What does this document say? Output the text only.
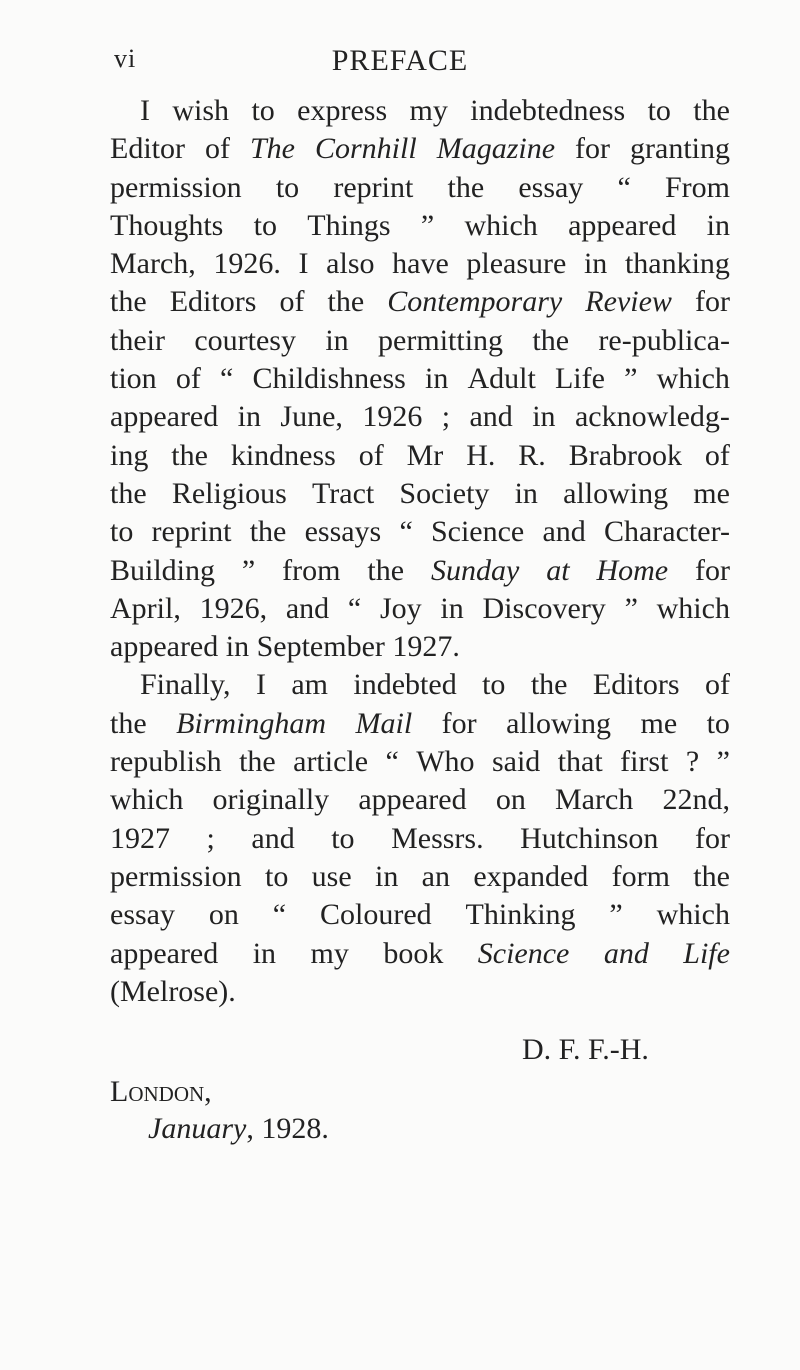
vi	PREFACE
I wish to express my indebtedness to the
Editor of The Cornhill Magazine for granting
permission to reprint the essay “ From
Thoughts to Things ” which appeared in
March, 1926. I also have pleasure in thanking
the Editors of the Contemporary Review for
their courtesy in permitting the re-publica-
tion of “ Childishness in Adult Life ” which
appeared in June, 1926 ; and in acknowledg-
ing the kindness of Mr H. R. Brabrook of
the Religious Tract Society in allowing me
to reprint the essays “ Science and Character-
Building ” from the Sunday at Home for
April, 1926, and “ Joy in Discovery ” which
appeared in September 1927.
Finally, I am indebted to the Editors of
the Birmingham Mail for allowing me to
republish the article “ Who said that first ? ”
which originally appeared on March 22nd,
1927 ; and to Messrs. Hutchinson for
permission to use in an expanded form the
essay on “ Coloured Thinking ” which
appeared in my book Science and Life
(Melrose).
D. F. F.-H.
London,
January, 1928.
